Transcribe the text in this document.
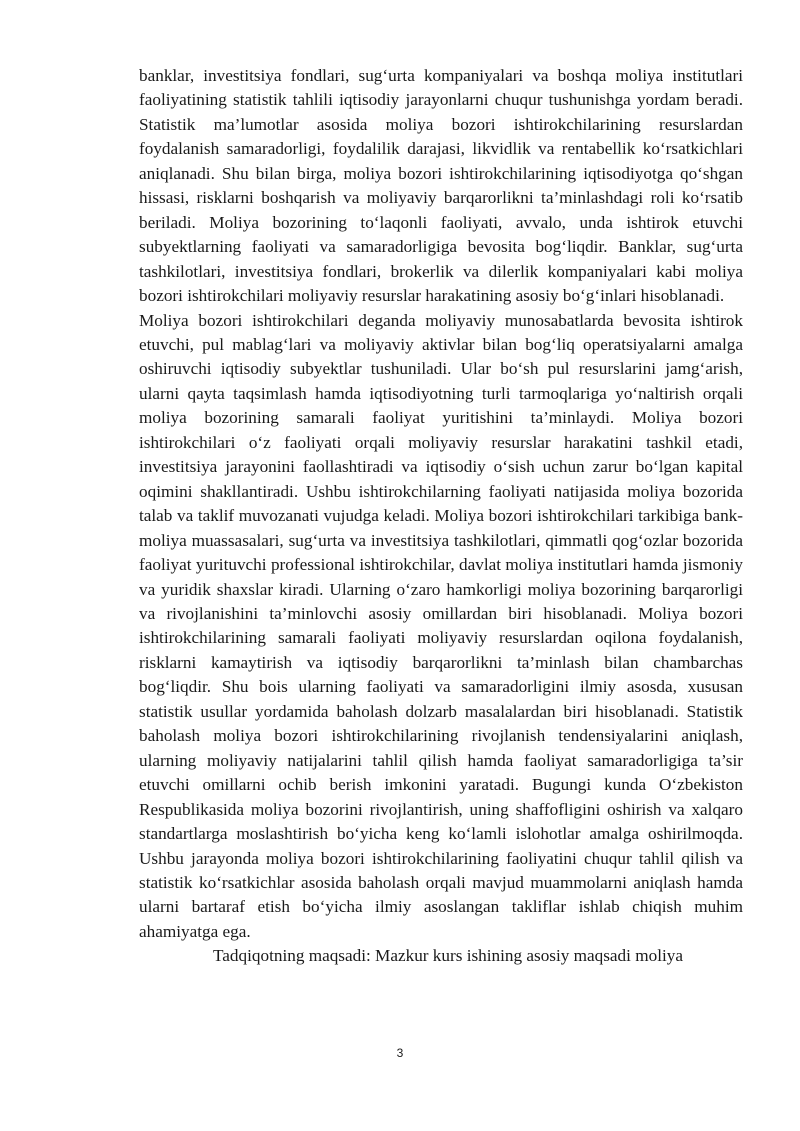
banklar, investitsiya fondlari, sug‘urta kompaniyalari va boshqa moliya institutlari faoliyatining statistik tahlili iqtisodiy jarayonlarni chuqur tushunishga yordam beradi. Statistik ma’lumotlar asosida moliya bozori ishtirokchilarining resurslardan foydalanish samaradorligi, foydalilik darajasi, likvidlik va rentabellik ko‘rsatkichlari aniqlanadi. Shu bilan birga, moliya bozori ishtirokchilarining iqtisodiyotga qo‘shgan hissasi, risklarni boshqarish va moliyaviy barqarorlikni ta’minlashdagi roli ko‘rsatib beriladi. Moliya bozorining to‘laqonli faoliyati, avvalo, unda ishtirok etuvchi subyektlarning faoliyati va samaradorligiga bevosita bog‘liqdir. Banklar, sug‘urta tashkilotlari, investitsiya fondlari, brokerlik va dilerlik kompaniyalari kabi moliya bozori ishtirokchilari moliyaviy resurslar harakatining asosiy bo‘g‘inlari hisoblanadi.

Moliya bozori ishtirokchilari deganda moliyaviy munosabatlarda bevosita ishtirok etuvchi, pul mablag‘lari va moliyaviy aktivlar bilan bog‘liq operatsiyalarni amalga oshiruvchi iqtisodiy subyektlar tushuniladi. Ular bo‘sh pul resurslarini jamg‘arish, ularni qayta taqsimlash hamda iqtisodiyotning turli tarmoqlariga yo‘naltirish orqali moliya bozorining samarali faoliyat yuritishini ta’minlaydi. Moliya bozori ishtirokchilari o‘z faoliyati orqali moliyaviy resurslar harakatini tashkil etadi, investitsiya jarayonini faollashtiradi va iqtisodiy o‘sish uchun zarur bo‘lgan kapital oqimini shakllantiradi. Ushbu ishtirokchilarning faoliyati natijasida moliya bozorida talab va taklif muvozanati vujudga keladi. Moliya bozori ishtirokchilari tarkibiga bank-moliya muassasalari, sug‘urta va investitsiya tashkilotlari, qimmatli qog‘ozlar bozorida faoliyat yurituvchi professional ishtirokchilar, davlat moliya institutlari hamda jismoniy va yuridik shaxslar kiradi. Ularning o‘zaro hamkorligi moliya bozorining barqarorligi va rivojlanishini ta’minlovchi asosiy omillardan biri hisoblanadi. Moliya bozori ishtirokchilarining samarali faoliyati moliyaviy resurslardan oqilona foydalanish, risklarni kamaytirish va iqtisodiy barqarorlikni ta’minlash bilan chambarchas bog‘liqdir. Shu bois ularning faoliyati va samaradorligini ilmiy asosda, xususan statistik usullar yordamida baholash dolzarb masalalardan biri hisoblanadi. Statistik baholash moliya bozori ishtirokchilarining rivojlanish tendensiyalarini aniqlash, ularning moliyaviy natijalarini tahlil qilish hamda faoliyat samaradorligiga ta’sir etuvchi omillarni ochib berish imkonini yaratadi. Bugungi kunda O‘zbekiston Respublikasida moliya bozorini rivojlantirish, uning shaffofligini oshirish va xalqaro standartlarga moslashtirish bo‘yicha keng ko‘lamli islohotlar amalga oshirilmoqda. Ushbu jarayonda moliya bozori ishtirokchilarining faoliyatini chuqur tahlil qilish va statistik ko‘rsatkichlar asosida baholash orqali mavjud muammolarni aniqlash hamda ularni bartaraf etish bo‘yicha ilmiy asoslangan takliflar ishlab chiqish muhim ahamiyatga ega.

Tadqiqotning maqsadi: Mazkur kurs ishining asosiy maqsadi moliya

3
